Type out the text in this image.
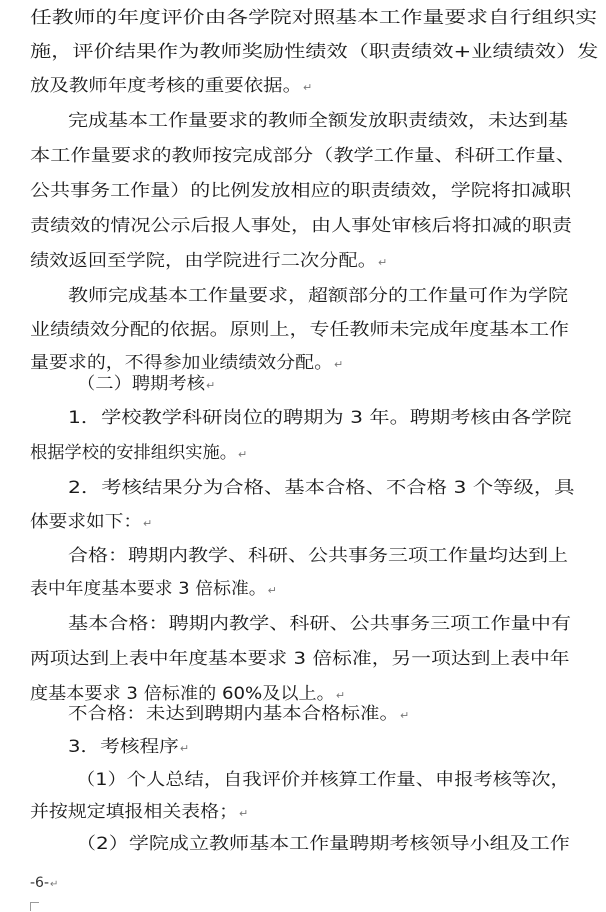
任教师的年度评价由各学院对照基本工作量要求自行组织实
施，评价结果作为教师奖励性绩效（职责绩效+业绩绩效）发
放及教师年度考核的重要依据。↵
完成基本工作量要求的教师全额发放职责绩效，未达到基
本工作量要求的教师按完成部分（教学工作量、科研工作量、
公共事务工作量）的比例发放相应的职责绩效，学院将扣减职
责绩效的情况公示后报人事处，由人事处审核后将扣减的职责
绩效返回至学院，由学院进行二次分配。↵
教师完成基本工作量要求，超额部分的工作量可作为学院
业绩绩效分配的依据。原则上，专任教师未完成年度基本工作
量要求的，不得参加业绩绩效分配。↵
（二）聘期考核↵
1．学校教学科研岗位的聘期为 3 年。聘期考核由各学院
根据学校的安排组织实施。↵
2．考核结果分为合格、基本合格、不合格 3 个等级，具
体要求如下：↵
合格：聘期内教学、科研、公共事务三项工作量均达到上
表中年度基本要求 3 倍标准。↵
基本合格：聘期内教学、科研、公共事务三项工作量中有
两项达到上表中年度基本要求 3 倍标准，另一项达到上表中年
度基本要求 3 倍标准的 60%及以上。↵
不合格：未达到聘期内基本合格标准。↵
3．考核程序↵
（1）个人总结，自我评价并核算工作量、申报考核等次，
并按规定填报相关表格；↵
（2）学院成立教师基本工作量聘期考核领导小组及工作
-6-↵
